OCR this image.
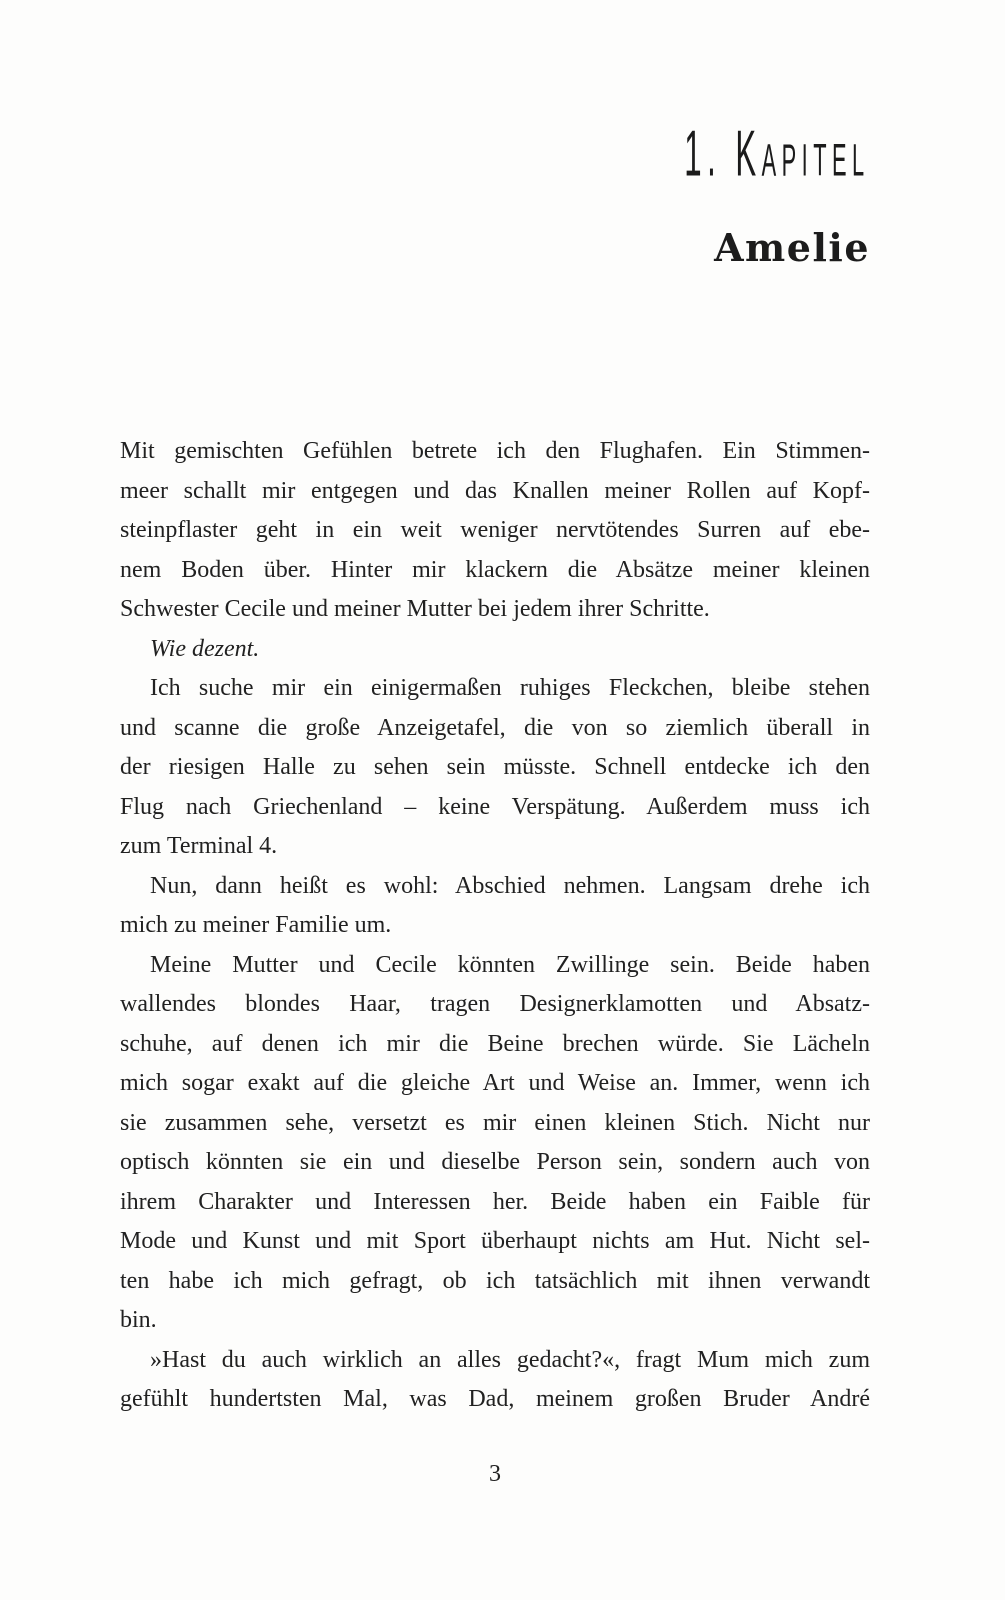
1. Kapitel
Amelie
Mit gemischten Gefühlen betrete ich den Flughafen. Ein Stimmen-
meer schallt mir entgegen und das Knallen meiner Rollen auf Kopf-
steinpflaster geht in ein weit weniger nervtötendes Surren auf ebe-
nem Boden über. Hinter mir klackern die Absätze meiner kleinen
Schwester Cecile und meiner Mutter bei jedem ihrer Schritte.
Wie dezent.
Ich suche mir ein einigermaßen ruhiges Fleckchen, bleibe stehen
und scanne die große Anzeigetafel, die von so ziemlich überall in
der riesigen Halle zu sehen sein müsste. Schnell entdecke ich den
Flug nach Griechenland – keine Verspätung. Außerdem muss ich
zum Terminal 4.
Nun, dann heißt es wohl: Abschied nehmen. Langsam drehe ich
mich zu meiner Familie um.
Meine Mutter und Cecile könnten Zwillinge sein. Beide haben
wallendes blondes Haar, tragen Designerklamotten und Absatz-
schuhe, auf denen ich mir die Beine brechen würde. Sie Lächeln
mich sogar exakt auf die gleiche Art und Weise an. Immer, wenn ich
sie zusammen sehe, versetzt es mir einen kleinen Stich. Nicht nur
optisch könnten sie ein und dieselbe Person sein, sondern auch von
ihrem Charakter und Interessen her. Beide haben ein Faible für
Mode und Kunst und mit Sport überhaupt nichts am Hut. Nicht sel-
ten habe ich mich gefragt, ob ich tatsächlich mit ihnen verwandt
bin.
»Hast du auch wirklich an alles gedacht?«, fragt Mum mich zum
gefühlt hundertsten Mal, was Dad, meinem großen Bruder André
3
